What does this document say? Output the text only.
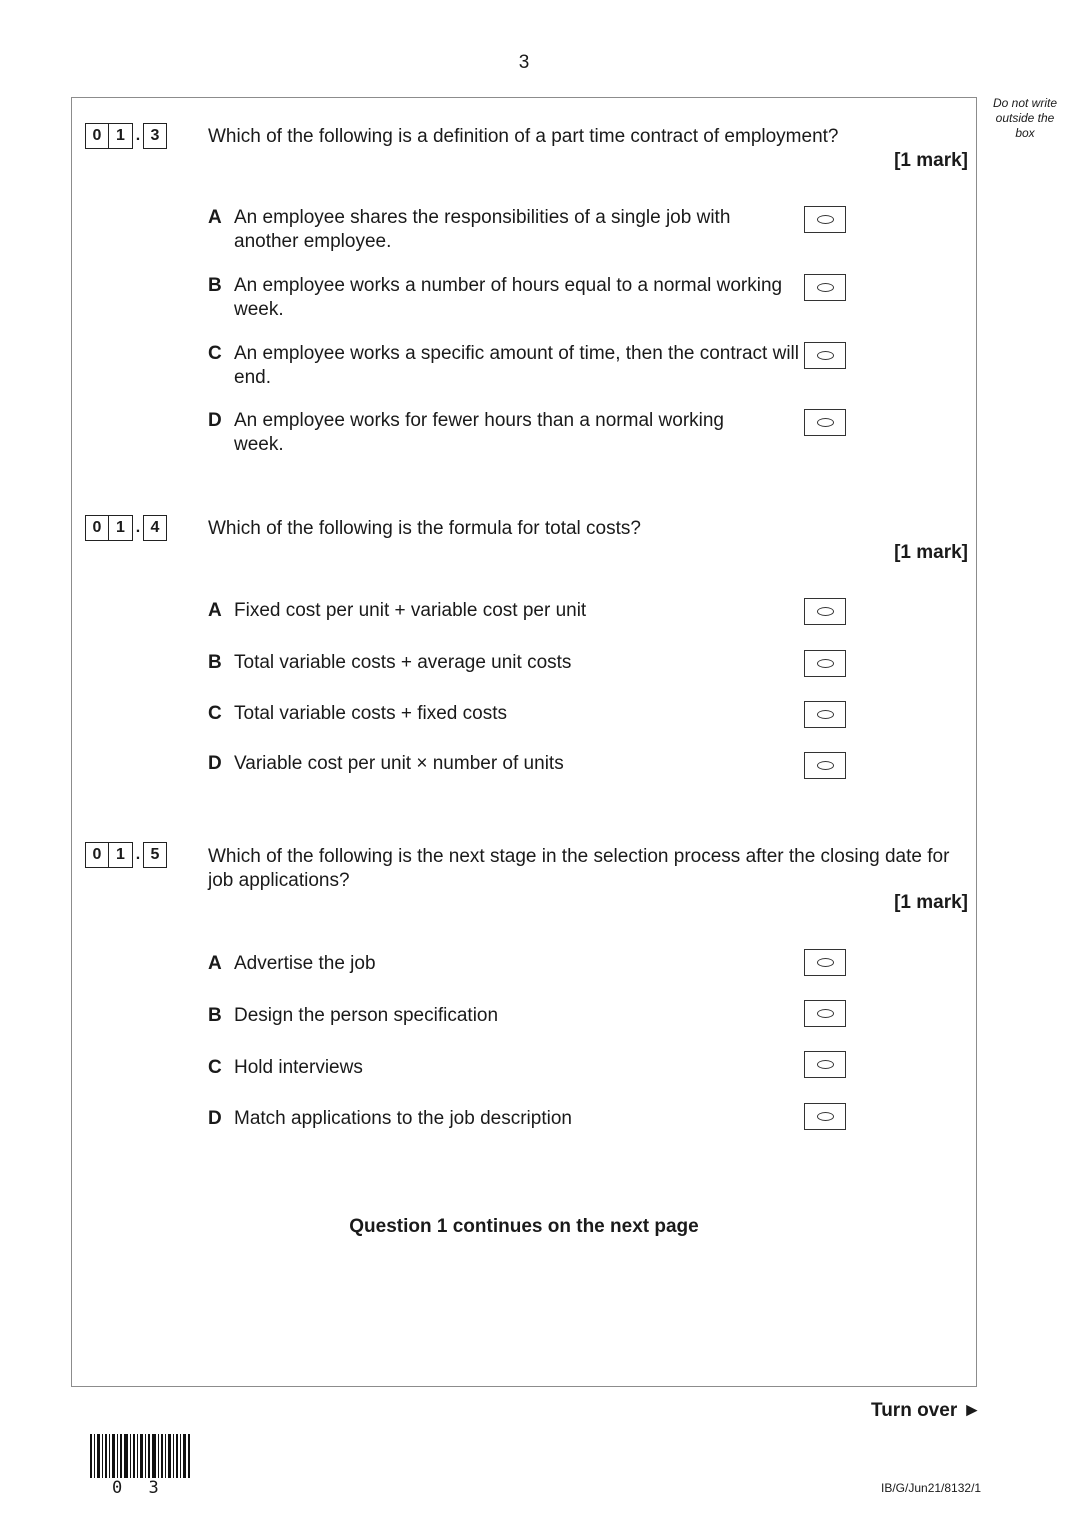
3
Do not write outside the box
0 1 . 3	Which of the following is a definition of a part time contract of employment?
[1 mark]
A An employee shares the responsibilities of a single job with another employee.
B An employee works a number of hours equal to a normal working week.
C An employee works a specific amount of time, then the contract will end.
D An employee works for fewer hours than a normal working week.
0 1 . 4	Which of the following is the formula for total costs?
[1 mark]
A Fixed cost per unit + variable cost per unit
B Total variable costs + average unit costs
C Total variable costs + fixed costs
D Variable cost per unit × number of units
0 1 . 5	Which of the following is the next stage in the selection process after the closing date for job applications?
[1 mark]
A Advertise the job
B Design the person specification
C Hold interviews
D Match applications to the job description
Question 1 continues on the next page
Turn over ►
IB/G/Jun21/8132/1
0 3
